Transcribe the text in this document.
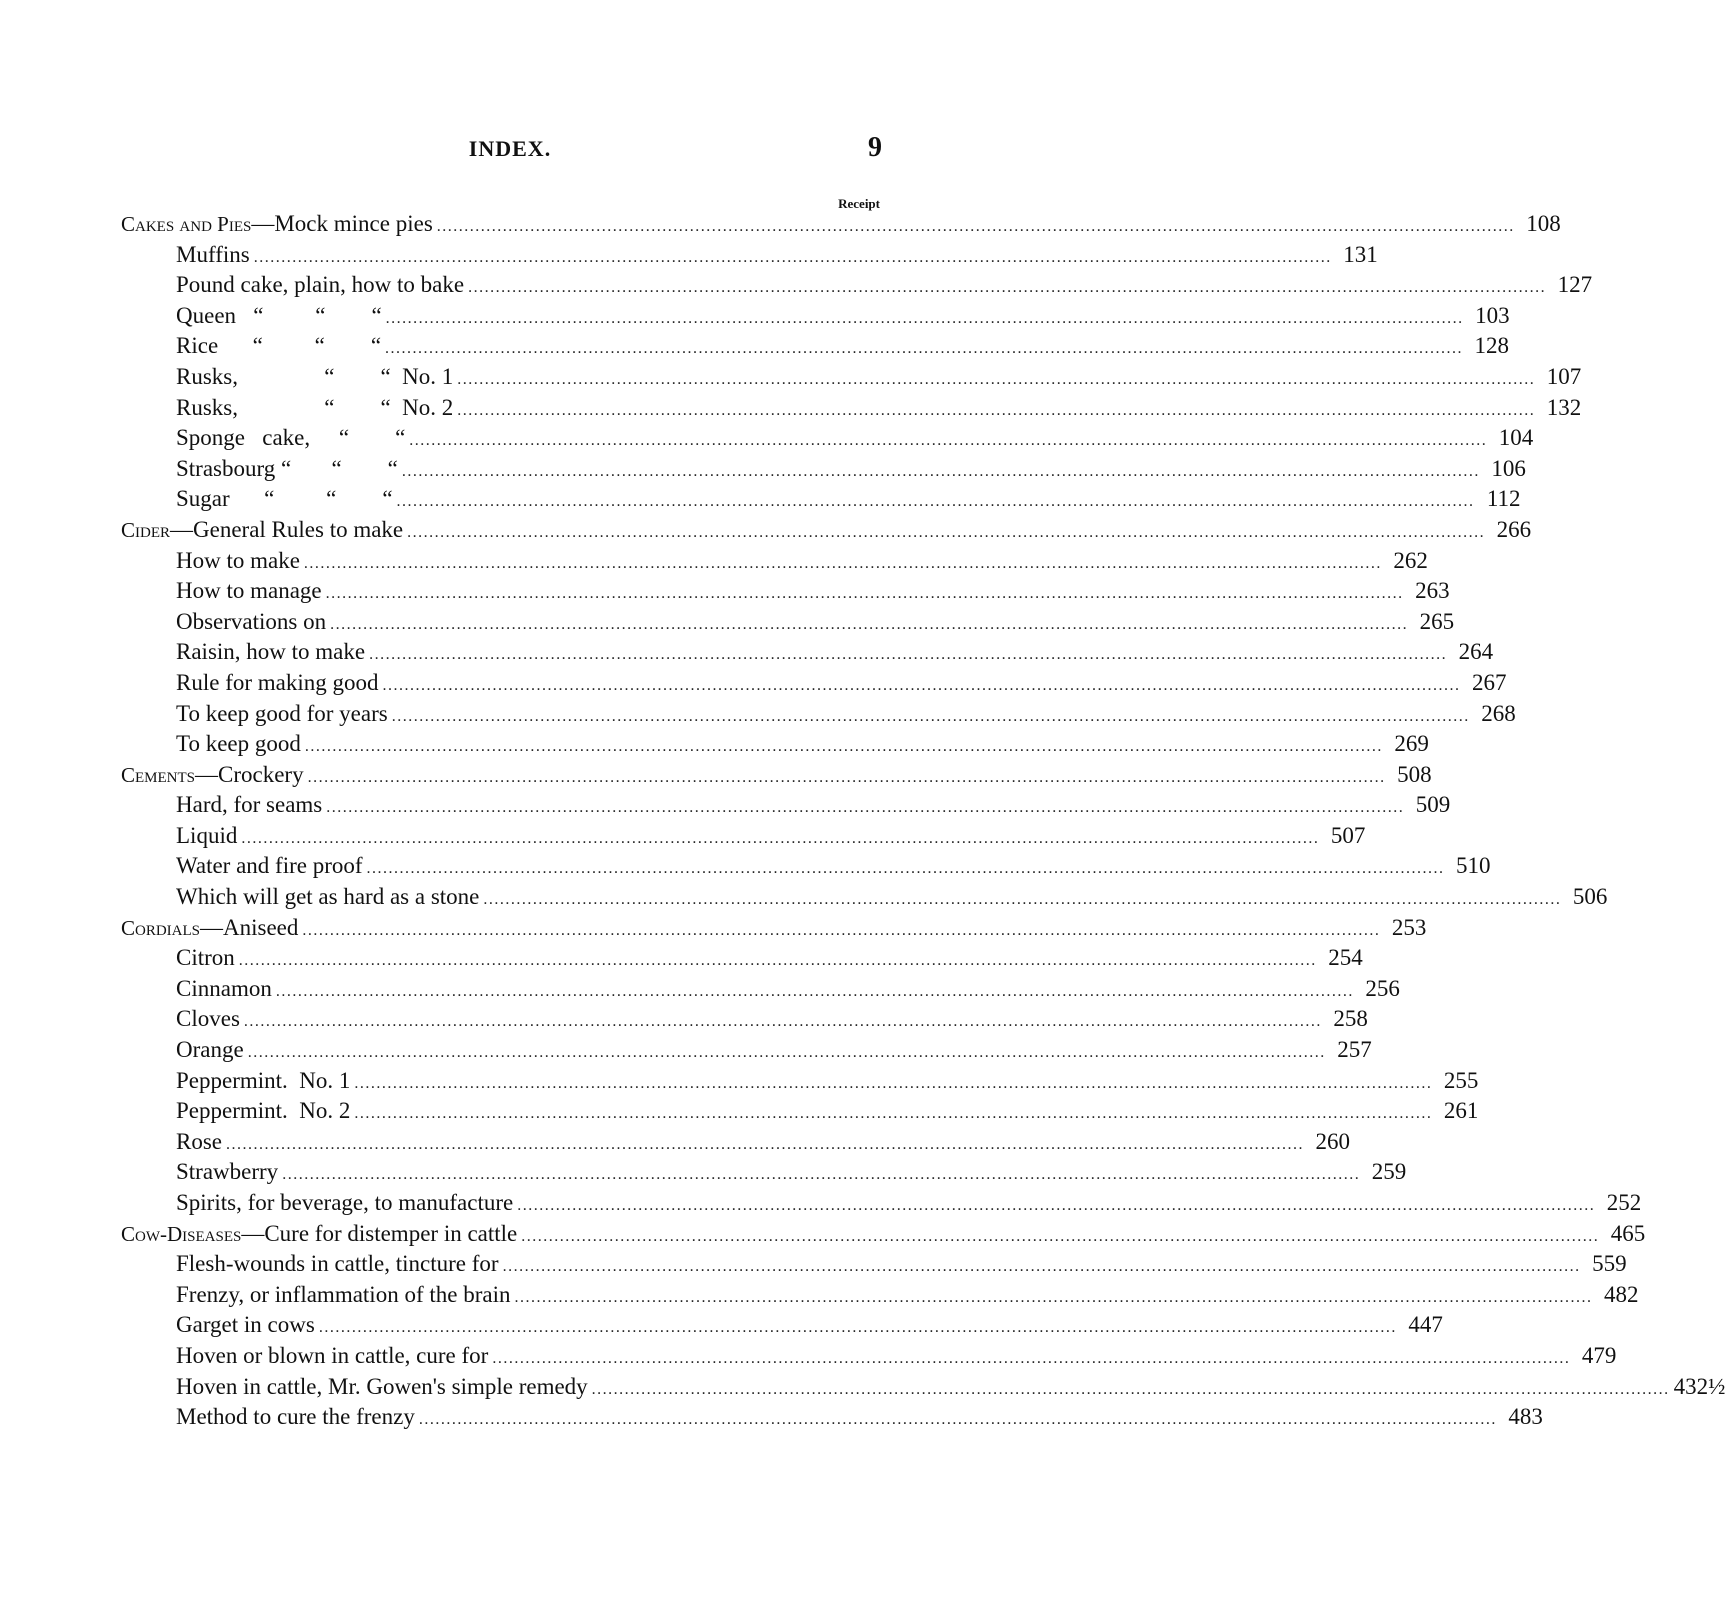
INDEX.	9
Receipt
Cakes and Pies — Mock mince pies .................................................................................................................................................................................................... 108
Muffins .................................................................................................................................................................................................... 131
Pound cake, plain, how to bake .................................................................................................................................................................................................... 127
Queen   “         “        “ .................................................................................................................................................................................................... 103
Rice      “         “        “ .................................................................................................................................................................................................... 128
Rusks,               “        “  No. 1 .................................................................................................................................................................................................... 107
Rusks,               “        “  No. 2 .................................................................................................................................................................................................... 132
Sponge   cake,     “        “ .................................................................................................................................................................................................... 104
Strasbourg “       “        “ .................................................................................................................................................................................................... 106
Sugar      “         “        “ .................................................................................................................................................................................................... 112
Cider — General Rules to make .................................................................................................................................................................................................... 266
How to make .................................................................................................................................................................................................... 262
How to manage .................................................................................................................................................................................................... 263
Observations on .................................................................................................................................................................................................... 265
Raisin, how to make .................................................................................................................................................................................................... 264
Rule for making good .................................................................................................................................................................................................... 267
To keep good for years .................................................................................................................................................................................................... 268
To keep good .................................................................................................................................................................................................... 269
Cements — Crockery .................................................................................................................................................................................................... 508
Hard, for seams .................................................................................................................................................................................................... 509
Liquid .................................................................................................................................................................................................... 507
Water and fire proof .................................................................................................................................................................................................... 510
Which will get as hard as a stone .................................................................................................................................................................................................... 506
Cordials — Aniseed .................................................................................................................................................................................................... 253
Citron .................................................................................................................................................................................................... 254
Cinnamon .................................................................................................................................................................................................... 256
Cloves .................................................................................................................................................................................................... 258
Orange .................................................................................................................................................................................................... 257
Peppermint.  No. 1 .................................................................................................................................................................................................... 255
Peppermint.  No. 2 .................................................................................................................................................................................................... 261
Rose .................................................................................................................................................................................................... 260
Strawberry .................................................................................................................................................................................................... 259
Spirits, for beverage, to manufacture .................................................................................................................................................................................................... 252
Cow-Diseases — Cure for distemper in cattle .................................................................................................................................................................................................... 465
Flesh-wounds in cattle, tincture for .................................................................................................................................................................................................... 559
Frenzy, or inflammation of the brain .................................................................................................................................................................................................... 482
Garget in cows .................................................................................................................................................................................................... 447
Hoven or blown in cattle, cure for .................................................................................................................................................................................................... 479
Hoven in cattle, Mr. Gowen's simple remedy .................................................................................................................................................................................................... 432½
Method to cure the frenzy .................................................................................................................................................................................................... 483
